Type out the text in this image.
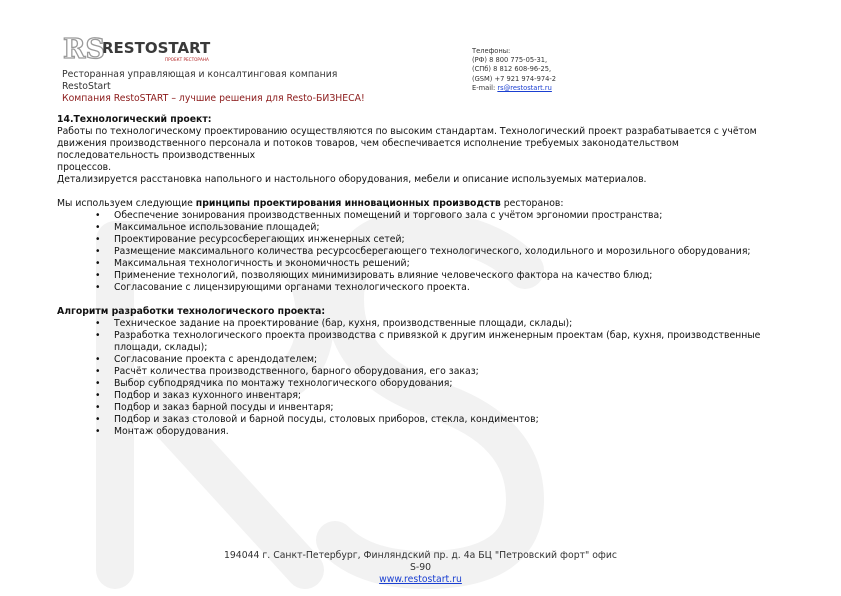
RS
RESTOSTART
ПРОЕКТ РЕСТОРАНА
Ресторанная управляющая и консалтинговая компания
RestoStart
Компания RestoSTART – лучшие решения для Resto-БИЗНЕСА!
Телефоны:
(РФ) 8 800 775-05-31,
(СПб) 8 812 608-96-25,
(GSM) +7 921 974-974-2
E-mail: rs@restostart.ru
14.Технологический проект:

Работы по технологическому проектированию осуществляются по высоким стандартам. Технологический проект разрабатывается с учётом движения производственного персонала и потоков товаров, чем обеспечивается исполнение требуемых законодательством последовательность производственных

процессов.

Детализируется расстановка напольного и настольного оборудования, мебели и описание используемых материалов.

Мы используем следующие принципы проектирования инновационных производств ресторанов:

• Обеспечение зонирования производственных помещений и торгового зала с учётом эргономии пространства;
• Максимальное использование площадей;
• Проектирование ресурсосберегающих инженерных сетей;
• Размещение максимального количества ресурсосберегающего технологического, холодильного и морозильного оборудования;
• Максимальная технологичность и экономичность решений;
• Применение технологий, позволяющих минимизировать влияние человеческого фактора на качество блюд;
• Согласование с лицензирующими органами технологического проекта.
Алгоритм разработки технологического проекта:
• Техническое задание на проектирование (бар, кухня, производственные площади, склады);
• Разработка технологического проекта производства с привязкой к другим инженерным проектам (бар, кухня, производственные площади, склады);
• Согласование проекта с арендодателем;
• Расчёт количества производственного, барного оборудования, его заказ;
• Выбор субподрядчика по монтажу технологического оборудования;
• Подбор и заказ кухонного инвентаря;
• Подбор и заказ барной посуды и инвентаря;
• Подбор и заказ столовой и барной посуды, столовых приборов, стекла, кондиментов;
• Монтаж оборудования.
194044 г. Санкт-Петербург, Финляндский пр. д. 4а БЦ "Петровский форт" офис
S-90
www.restostart.ru
